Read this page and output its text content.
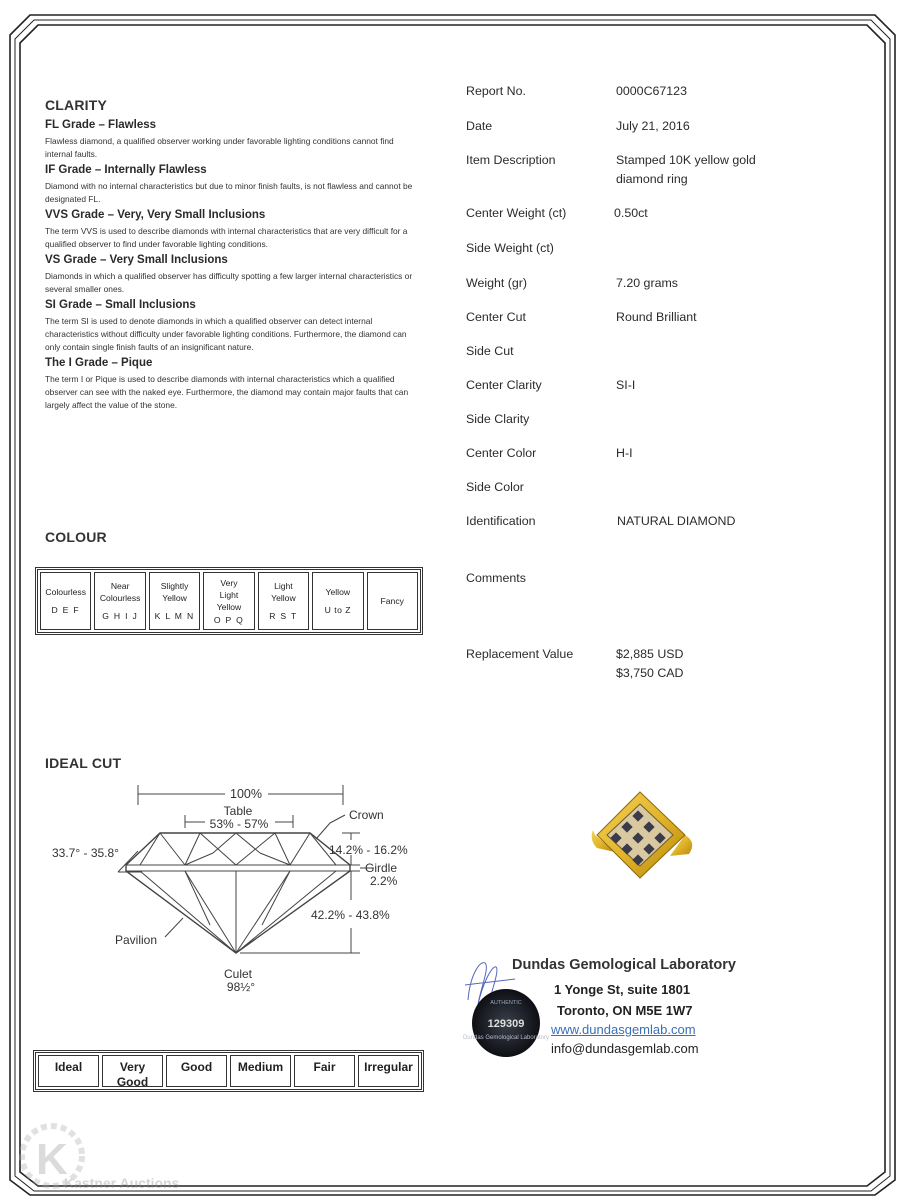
CLARITY
FL Grade – Flawless
Flawless diamond, a qualified observer working under favorable lighting conditions cannot find internal faults.
IF Grade – Internally Flawless
Diamond with no internal characteristics but due to minor finish faults, is not flawless and cannot be designated FL.
VVS Grade – Very, Very Small Inclusions
The term VVS is used to describe diamonds with internal characteristics that are very difficult for a qualified observer to find under favorable lighting conditions.
VS Grade – Very Small Inclusions
Diamonds in which a qualified observer has difficulty spotting a few larger internal characteristics or several smaller ones.
SI Grade – Small Inclusions
The term SI is used to denote diamonds in which a qualified observer can detect internal characteristics without difficulty under favorable lighting conditions. Furthermore, the diamond can only contain single finish faults of an insignificant nature.
The I Grade – Pique
The term I or Pique is used to describe diamonds with internal characteristics which a qualified observer can see with the naked eye. Furthermore, the diamond may contain major faults that can largely affect the value of the stone.
Report No.	0000C67123
Date	July 21, 2016
Item Description	Stamped 10K yellow gold
diamond ring
Center Weight (ct)	0.50ct
Side Weight (ct)
Weight (gr)	7.20 grams
Center Cut	Round Brilliant
Side Cut
Center Clarity	SI-I
Side Clarity
Center Color	H-I
Side Color
Identification	NATURAL DIAMOND
Comments
Replacement Value	$2,885 USD
$3,750 CAD
COLOUR
Colourless
D E F
Near Colourless
G H I J
Slightly Yellow
K L M N
Very Light Yellow
O P Q
Light Yellow
R S T
Yellow
U to Z
Fancy
IDEAL CUT
100%
Table
53% - 57%
Crown
33.7° - 35.8°	14.2% - 16.2%
Girdle
2.2%
42.2% - 43.8%
Pavilion
Culet
98½°
Ideal	Very Good
Good	Medium	Fair	Irregular
AUTHENTIC
129309
Dundas Gemological Laboratory
Dundas Gemological Laboratory
1 Yonge St, suite 1801
Toronto, ON M5E 1W7
www.dundasgemlab.com
info@dundasgemlab.com
K
Kastner Auctions
